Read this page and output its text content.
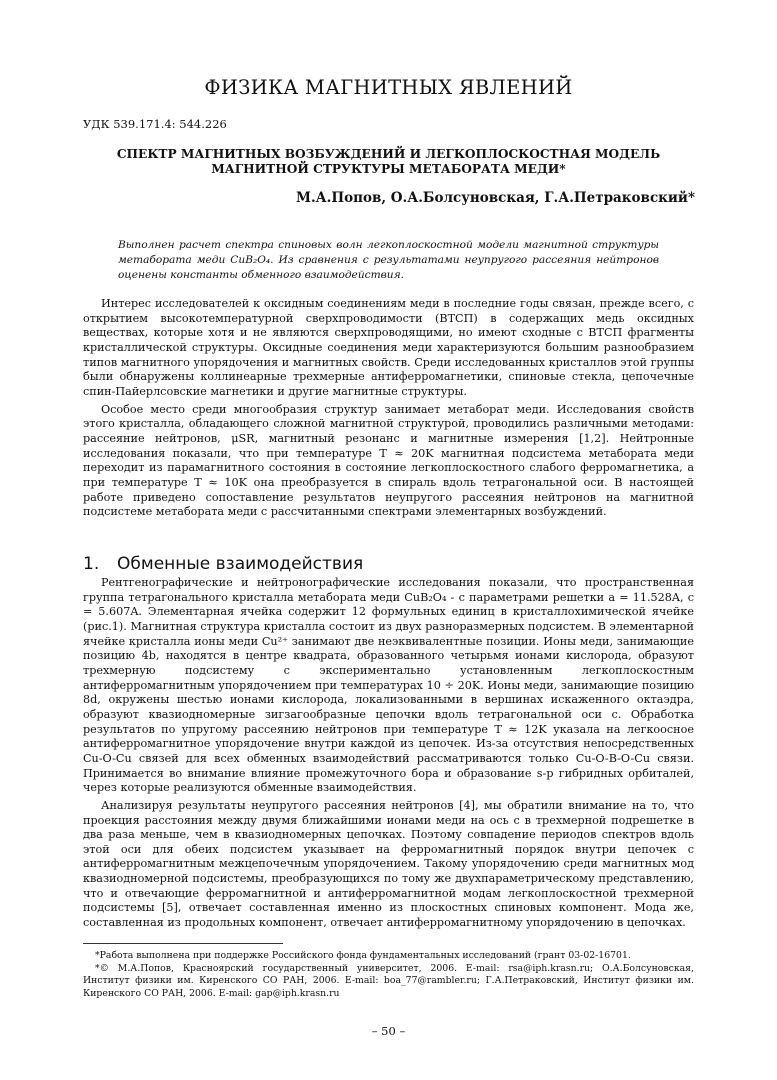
ФИЗИКА МАГНИТНЫХ ЯВЛЕНИЙ
УДК 539.171.4: 544.226
СПЕКТР МАГНИТНЫХ ВОЗБУЖДЕНИЙ И ЛЕГКОПЛОСКОСТНАЯ МОДЕЛЬ МАГНИТНОЙ СТРУКТУРЫ МЕТАБОРАТА МЕДИ*
М.А.Попов, О.А.Болсуновская, Г.А.Петраковский*

Выполнен расчет спектра спиновых волн легкоплоскостной модели магнитной структуры метабората меди CuB₂O₄. Из сравнения с результатами неупругого рассеяния нейтронов оценены константы обменного взаимодействия.

Интерес исследователей к оксидным соединениям меди в последние годы связан, прежде всего, с открытием высокотемпературной сверхпроводимости (ВТСП) в содержащих медь оксидных веществах, которые хотя и не являются сверхпроводящими, но имеют сходные с ВТСП фрагменты кристаллической структуры. Оксидные соединения меди характеризуются большим разнообразием типов магнитного упорядочения и магнитных свойств. Среди исследованных кристаллов этой группы были обнаружены коллинеарные трехмерные антиферромагнетики, спиновые стекла, цепочечные спин-Пайерлсовские магнетики и другие магнитные структуры.

Особое место среди многообразия структур занимает метаборат меди. Исследования свойств этого кристалла, обладающего сложной магнитной структурой, проводились различными методами: рассеяние нейтронов, μSR, магнитный резонанс и магнитные измерения [1,2]. Нейтронные исследования показали, что при температуре T ≈ 20K магнитная подсистема метабората меди переходит из парамагнитного состояния в состояние легкоплоскостного слабого ферромагнетика, а при температуре T ≈ 10K она преобразуется в спираль вдоль тетрагональной оси. В настоящей работе приведено сопоставление результатов неупругого рассеяния нейтронов на магнитной подсистеме метабората меди с рассчитанными спектрами элементарных возбуждений.

1. Обменные взаимодействия

Рентгенографические и нейтронографические исследования показали, что пространственная группа тетрагонального кристалла метабората меди CuB₂O₄ - с параметрами решетки a = 11.528A, c = 5.607A. Элементарная ячейка содержит 12 формульных единиц в кристаллохимической ячейке (рис.1). Магнитная структура кристалла состоит из двух разноразмерных подсистем. В элементарной ячейке кристалла ионы меди Cu²⁺ занимают две неэквивалентные позиции. Ионы меди, занимающие позицию 4b, находятся в центре квадрата, образованного четырьмя ионами кислорода, образуют трехмерную подсистему с экспериментально установленным легкоплоскостным антиферромагнитным упорядочением при температурах 10 ÷ 20K. Ионы меди, занимающие позицию 8d, окружены шестью ионами кислорода, локализованными в вершинах искаженного октаэдра, образуют квазиодномерные зигзагообразные цепочки вдоль тетрагональной оси c. Обработка результатов по упругому рассеянию нейтронов при температуре T ≈ 12K указала на легкоосное антиферромагнитное упорядочение внутри каждой из цепочек. Из-за отсутствия непосредственных Cu-O-Cu связей для всех обменных взаимодействий рассматриваются только Cu-O-B-O-Cu связи. Принимается во внимание влияние промежуточного бора и образование s-p гибридных орбиталей, через которые реализуются обменные взаимодействия.

Анализируя результаты неупругого рассеяния нейтронов [4], мы обратили внимание на то, что проекция расстояния между двумя ближайшими ионами меди на ось c в трехмерной подрешетке в два раза меньше, чем в квазиодномерных цепочках. Поэтому совпадение периодов спектров вдоль этой оси для обеих подсистем указывает на ферромагнитный порядок внутри цепочек с антиферромагнитным межцепочечным упорядочением. Такому упорядочению среди магнитных мод квазиодномерной подсистемы, преобразующихся по тому же двухпараметрическому представлению, что и отвечающие ферромагнитной и антиферромагнитной модам легкоплоскостной трехмерной подсистемы [5], отвечает составленная именно из плоскостных спиновых компонент. Мода же, составленная из продольных компонент, отвечает антиферромагнитному упорядочению в цепочках.

*Работа выполнена при поддержке Российского фонда фундаментальных исследований (грант 03-02-16701.

*© М.А.Попов, Красноярский государственный университет, 2006. E-mail: rsa@iph.krasn.ru; О.А.Болсуновская, Институт физики им. Киренского СО РАН, 2006. E-mail: boa_77@rambler.ru; Г.А.Петраковский, Институт физики им. Киренского СО РАН, 2006. E-mail: gap@iph.krasn.ru

– 50 –
